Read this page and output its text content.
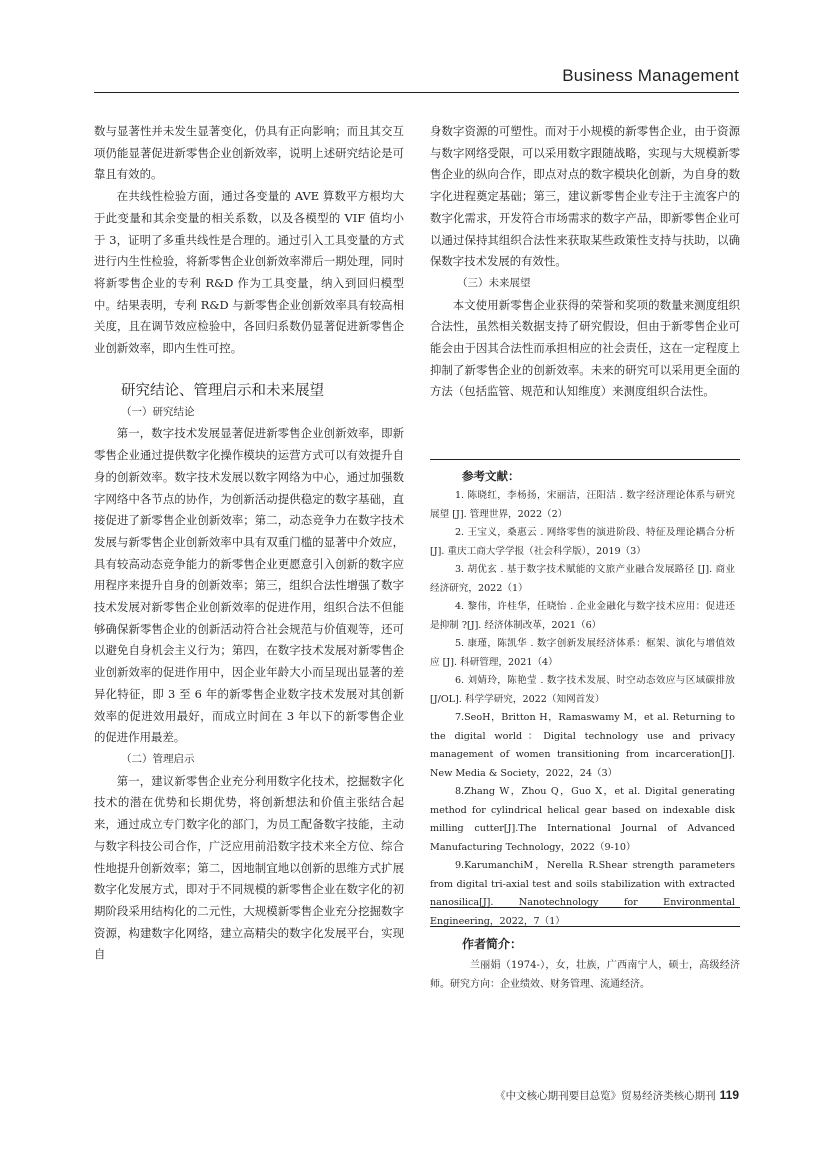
Business Management

数与显著性并未发生显著变化，仍具有正向影响；而且其交互项仍能显著促进新零售企业创新效率，说明上述研究结论是可靠且有效的。

在共线性检验方面，通过各变量的 AVE 算数平方根均大于此变量和其余变量的相关系数，以及各模型的 VIF 值均小于 3，证明了多重共线性是合理的。通过引入工具变量的方式进行内生性检验，将新零售企业创新效率滞后一期处理，同时将新零售企业的专利 R&D 作为工具变量，纳入到回归模型中。结果表明，专利 R&D 与新零售企业创新效率具有较高相关度，且在调节效应检验中，各回归系数仍显著促进新零售企业创新效率，即内生性可控。

研究结论、管理启示和未来展望
（一）研究结论

第一，数字技术发展显著促进新零售企业创新效率，即新零售企业通过提供数字化操作模块的运营方式可以有效提升自身的创新效率。数字技术发展以数字网络为中心，通过加强数字网络中各节点的协作，为创新活动提供稳定的数字基础，直接促进了新零售企业创新效率；第二，动态竞争力在数字技术发展与新零售企业创新效率中具有双重门槛的显著中介效应，具有较高动态竞争能力的新零售企业更愿意引入创新的数字应用程序来提升自身的创新效率；第三，组织合法性增强了数字技术发展对新零售企业创新效率的促进作用，组织合法不但能够确保新零售企业的创新活动符合社会规范与价值观等，还可以避免自身机会主义行为；第四，在数字技术发展对新零售企业创新效率的促进作用中，因企业年龄大小而呈现出显著的差异化特征，即 3 至 6 年的新零售企业数字技术发展对其创新效率的促进效用最好，而成立时间在 3 年以下的新零售企业的促进作用最差。

（二）管理启示

第一，建议新零售企业充分利用数字化技术，挖掘数字化技术的潜在优势和长期优势，将创新想法和价值主张结合起来，通过成立专门数字化的部门，为员工配备数字技能，主动与数字科技公司合作，广泛应用前沿数字技术来全方位、综合性地提升创新效率；第二，因地制宜地以创新的思维方式扩展数字化发展方式，即对于不同规模的新零售企业在数字化的初期阶段采用结构化的二元性，大规模新零售企业充分挖掘数字资源，构建数字化网络，建立高精尖的数字化发展平台，实现自

身数字资源的可塑性。而对于小规模的新零售企业，由于资源与数字网络受限，可以采用数字跟随战略，实现与大规模新零售企业的纵向合作，即点对点的数字模块化创新，为自身的数字化进程奠定基础；第三，建议新零售企业专注于主流客户的数字化需求，开发符合市场需求的数字产品，即新零售企业可以通过保持其组织合法性来获取某些政策性支持与扶助，以确保数字技术发展的有效性。

（三）未来展望

本文使用新零售企业获得的荣誉和奖项的数量来测度组织合法性，虽然相关数据支持了研究假设，但由于新零售企业可能会由于因其合法性而承担相应的社会责任，这在一定程度上抑制了新零售企业的创新效率。未来的研究可以采用更全面的方法（包括监管、规范和认知维度）来测度组织合法性。

参考文献：

1. 陈晓红，李杨扬，宋丽洁，汪阳洁 . 数字经济理论体系与研究展望 [J]. 管理世界，2022（2）

2. 王宝义，桑惠云 . 网络零售的演进阶段、特征及理论耦合分析 [J]. 重庆工商大学学报（社会科学版），2019（3）

3. 胡优玄 . 基于数字技术赋能的文旅产业融合发展路径 [J]. 商业经济研究，2022（1）

4. 黎伟，许桂华，任晓怡 . 企业金融化与数字技术应用：促进还是抑制 ?[J]. 经济体制改革，2021（6）

5. 康瑾，陈凯华 . 数字创新发展经济体系：框架、演化与增值效应 [J]. 科研管理，2021（4）

6. 刘婧玲，陈艳莹 . 数字技术发展、时空动态效应与区域碳排放 [J/OL]. 科学学研究，2022（知网首发）

7.SeoH，Britton H，Ramaswamy M，et al. Returning to the digital world：Digital technology use and privacy management of women transitioning from incarceration[J]. New Media & Society，2022，24（3）

8.Zhang W，Zhou Q，Guo X，et al. Digital generating method for cylindrical helical gear based on indexable disk milling cutter[J].The International Journal of Advanced Manufacturing Technology，2022（9-10）

9.KarumanchiM，Nerella R.Shear strength parameters from digital tri-axial test and soils stabilization with extracted nanosilica[J]. Nanotechnology for Environmental Engineering，2022，7（1）

作者简介：

兰丽娟（1974-），女，壮族，广西南宁人，硕士，高级经济师。研究方向：企业绩效、财务管理、流通经济。

《中文核心期刊要目总览》贸易经济类核心期刊 119
